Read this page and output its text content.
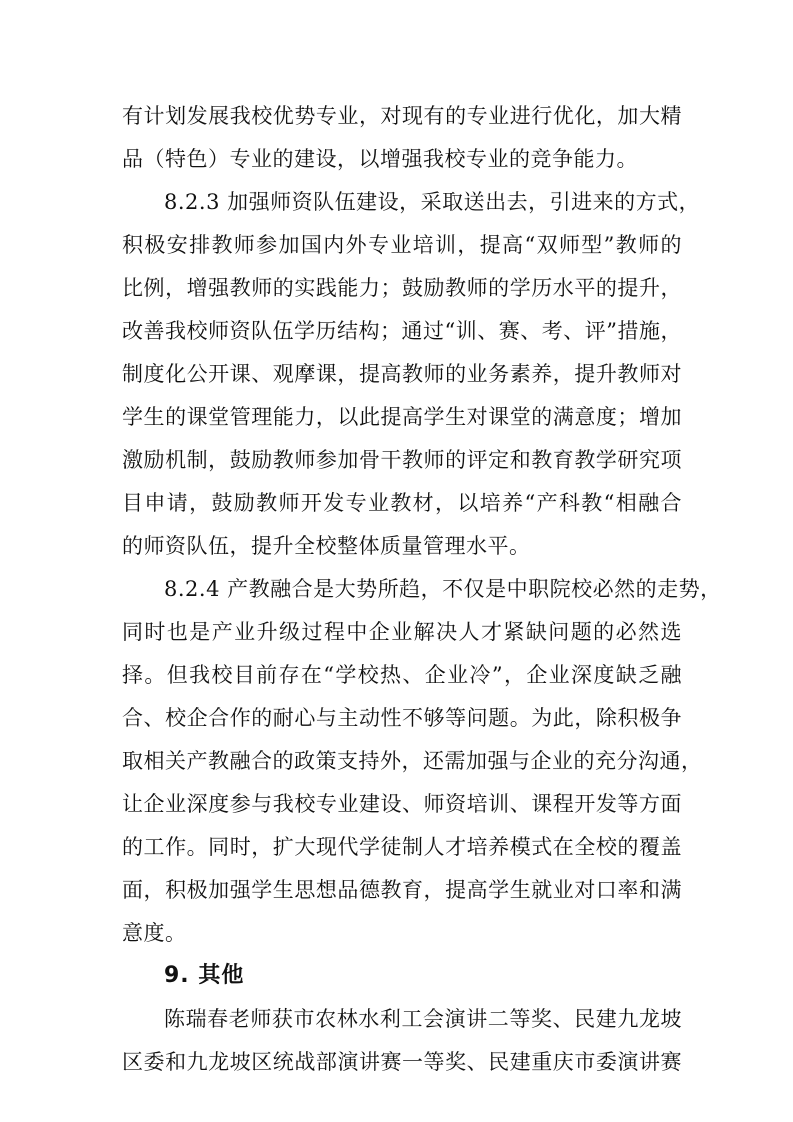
有计划发展我校优势专业，对现有的专业进行优化，加大精
品（特色）专业的建设，以增强我校专业的竞争能力。
8.2.3 加强师资队伍建设，采取送出去，引进来的方式，
积极安排教师参加国内外专业培训，提高“双师型”教师的
比例，增强教师的实践能力；鼓励教师的学历水平的提升，
改善我校师资队伍学历结构；通过“训、赛、考、评”措施，
制度化公开课、观摩课，提高教师的业务素养，提升教师对
学生的课堂管理能力，以此提高学生对课堂的满意度；增加
激励机制，鼓励教师参加骨干教师的评定和教育教学研究项
目申请，鼓励教师开发专业教材，以培养“产科教“相融合
的师资队伍，提升全校整体质量管理水平。
8.2.4 产教融合是大势所趋，不仅是中职院校必然的走势，
同时也是产业升级过程中企业解决人才紧缺问题的必然选
择。但我校目前存在“学校热、企业冷”，企业深度缺乏融
合、校企合作的耐心与主动性不够等问题。为此，除积极争
取相关产教融合的政策支持外，还需加强与企业的充分沟通，
让企业深度参与我校专业建设、师资培训、课程开发等方面
的工作。同时，扩大现代学徒制人才培养模式在全校的覆盖
面，积极加强学生思想品德教育，提高学生就业对口率和满
意度。
9. 其他
陈瑞春老师获市农林水利工会演讲二等奖、民建九龙坡
区委和九龙坡区统战部演讲赛一等奖、民建重庆市委演讲赛
